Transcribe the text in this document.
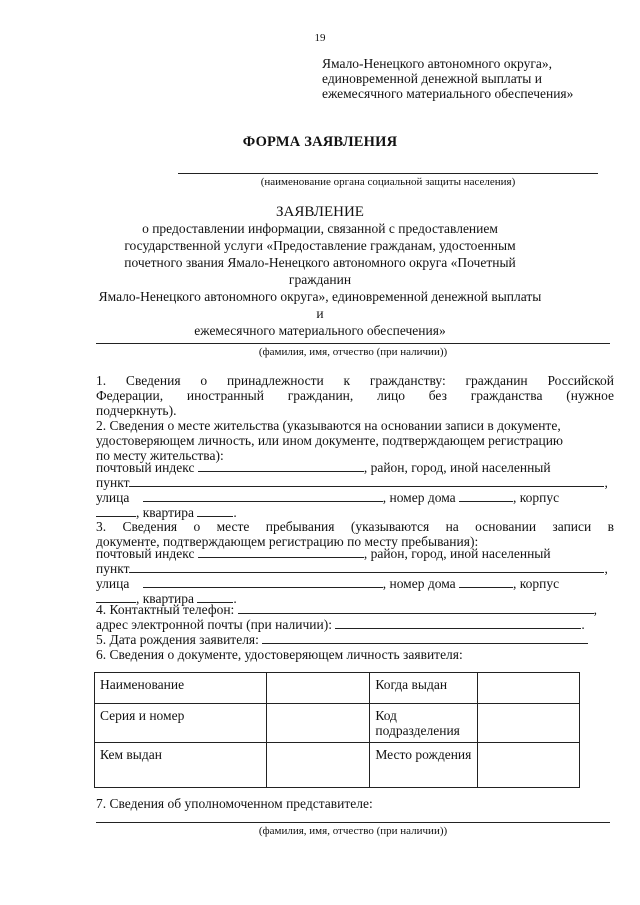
19
Ямало-Ненецкого автономного округа»,
единовременной денежной выплаты и
ежемесячного материального обеспечения»
ФОРМА ЗАЯВЛЕНИЯ
(наименование органа социальной защиты населения)
ЗАЯВЛЕНИЕ
о предоставлении информации, связанной с предоставлением
государственной услуги «Предоставление гражданам, удостоенным
почетного звания Ямало-Ненецкого автономного округа «Почетный гражданин
Ямало-Ненецкого автономного округа», единовременной денежной выплаты и
ежемесячного материального обеспечения»
(фамилия, имя, отчество (при наличии))
1. Сведения о принадлежности к гражданству: гражданин Российской
Федерации, иностранный гражданин, лицо без гражданства (нужное
подчеркнуть).
2. Сведения о месте жительства (указываются на основании записи в документе,
удостоверяющем личность, или ином документе, подтверждающем регистрацию
по месту жительства):
почтовый индекс	, район, город, иной населенный
пункт	,
улица	, номер дома	, корпус
, квартира	.
3. Сведения о месте пребывания (указываются на основании записи в
документе, подтверждающем регистрацию по месту пребывания):
почтовый индекс	, район, город, иной населенный
пункт	,
улица	, номер дома	, корпус
, квартира	.
4. Контактный телефон:	,
адрес электронной почты (при наличии):	.
5. Дата рождения заявителя:
6. Сведения о документе, удостоверяющем личность заявителя:
Наименование		Когда выдан	
Серия и номер		Код подразделения	
Кем выдан		Место рождения	
7. Сведения об уполномоченном представителе:
(фамилия, имя, отчество (при наличии))
